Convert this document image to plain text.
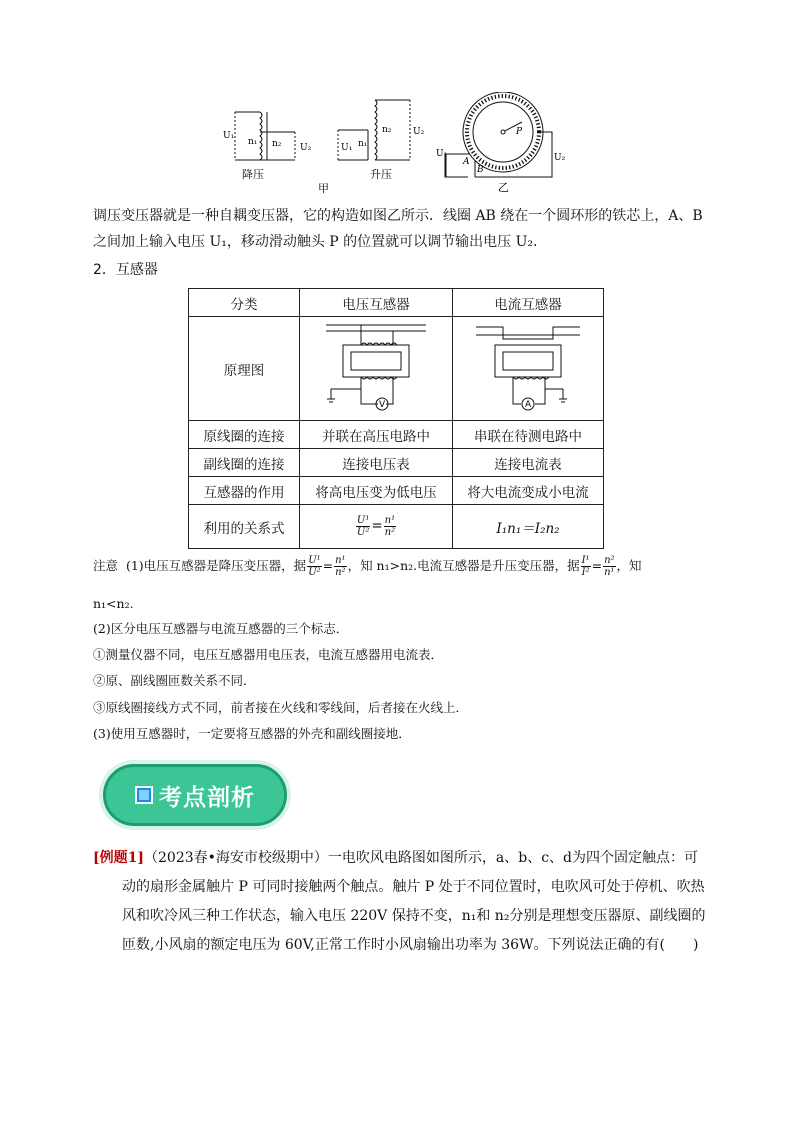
U₁
U₂
n₁ n₂
降压
U₁
U₂
n₁
n₂
升压
甲
U₁	U₂
A
B
P
乙
调压变压器就是一种自耦变压器，它的构造如图乙所示．线圈 AB 绕在一个圆环形的铁芯上，A、B
之间加上输入电压 U₁，移动滑动触头 P 的位置就可以调节输出电压 U₂.
2．互感器
分类	电压互感器	电流互感器
原理图	V	A

原线圈的连接	并联在高压电路中	串联在待测电路中
副线圈的连接	连接电压表	连接电流表
互感器的作用	将高电压变为低电压	将大电流变成小电流
利用的关系式	$\frac{\text{U¹}}{\text{U²}} = \frac{\text{n¹}}{\text{n²}}$	I₁n₁＝I₂n₂
注意 (1)电压互感器是降压变压器，据 $\frac{\text{U¹}}{\text{U²}} = \frac{\text{n¹}}{\text{n²}}$ ，知 n₁>n₂.电流互感器是升压变压器，据 $\frac{\text{I¹}}{\text{I²}} = \frac{\text{n²}}{\text{n¹}}$ ，知
n₁<n₂.
(2)区分电压互感器与电流互感器的三个标志．
①测量仪器不同，电压互感器用电压表，电流互感器用电流表．
②原、副线圈匝数关系不同．
③原线圈接线方式不同，前者接在火线和零线间，后者接在火线上．
(3)使用互感器时，一定要将互感器的外壳和副线圈接地．
考点剖析
[例题1]（2023春•海安市校级期中）一电吹风电路图如图所示，a、b、c、d为四个固定触点：可
动的扇形金属触片 P 可同时接触两个触点。触片 P 处于不同位置时，电吹风可处于停机、吹热
风和吹冷风三种工作状态，输入电压 220V 保持不变，n₁和 n₂分别是理想变压器原、副线圈的
匝数,小风扇的额定电压为 60V,正常工作时小风扇输出功率为 36W。下列说法正确的有(　　)
